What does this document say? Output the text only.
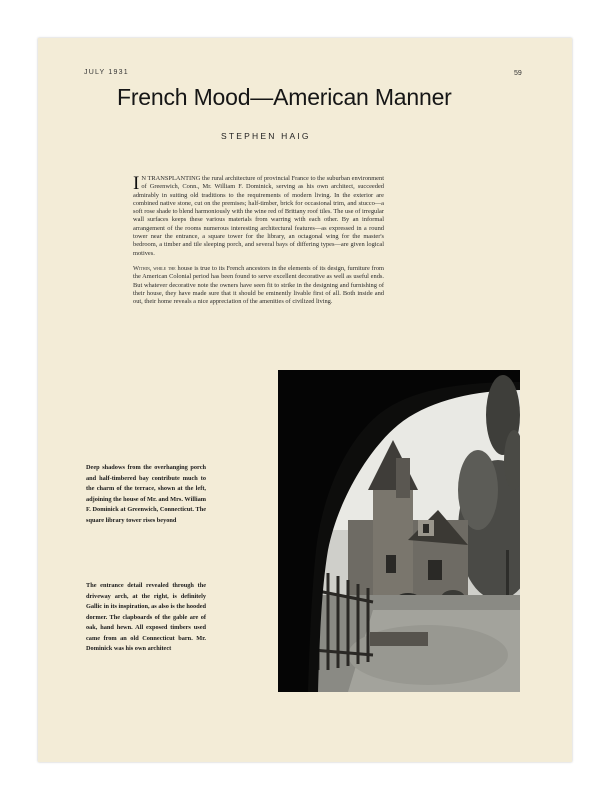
JULY 1931	59
French Mood—American Manner
STEPHEN HAIG

I N TRANSPLANTING the rural architecture of provincial France to the suburban environment of Greenwich, Conn., Mr. William F. Dominick, serving as his own architect, succeeded admirably in suiting old traditions to the requirements of modern living. In the exterior are combined native stone, cut on the premises; half-timber, brick for occasional trim, and stucco—a soft rose shade to blend harmoniously with the wine red of Brittany roof tiles. The use of irregular wall surfaces keeps these various materials from warring with each other. By an informal arrangement of the rooms numerous interesting architectural features—as expressed in a round tower near the entrance, a square tower for the library, an octagonal wing for the master's bedroom, a timber and tile sleeping porch, and several bays of differing types—are given logical motives.

Within, while the house is true to its French ancestors in the elements of its design, furniture from the American Colonial period has been found to serve excellent decorative as well as useful ends. But whatever decorative note the owners have seen fit to strike in the designing and furnishing of their house, they have made sure that it should be eminently livable first of all. Both inside and out, their home reveals a nice appreciation of the amenities of civilized living.

Deep shadows from the overhanging porch and half-timbered bay contribute much to the charm of the terrace, shown at the left, adjoining the house of Mr. and Mrs. William F. Dominick at Greenwich, Connecticut. The square library tower rises beyond
The entrance detail revealed through the driveway arch, at the right, is definitely Gallic in its inspiration, as also is the hooded dormer. The clapboards of the gable are of oak, hand hewn. All exposed timbers used came from an old Connecticut barn. Mr. Dominick was his own architect
